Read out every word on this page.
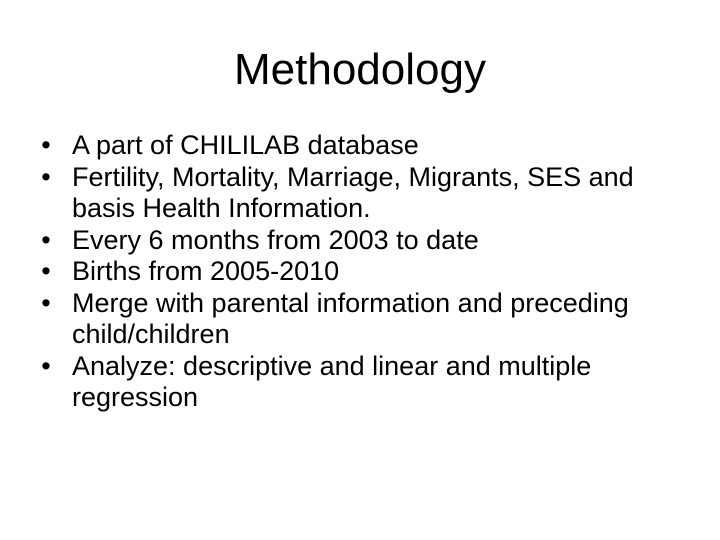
Methodology
• A part of CHILILAB database
• Fertility, Mortality, Marriage, Migrants, SES and basis Health Information.
• Every 6 months from 2003 to date
• Births from 2005-2010
• Merge with parental information and preceding child/children
• Analyze: descriptive and linear and multiple regression
